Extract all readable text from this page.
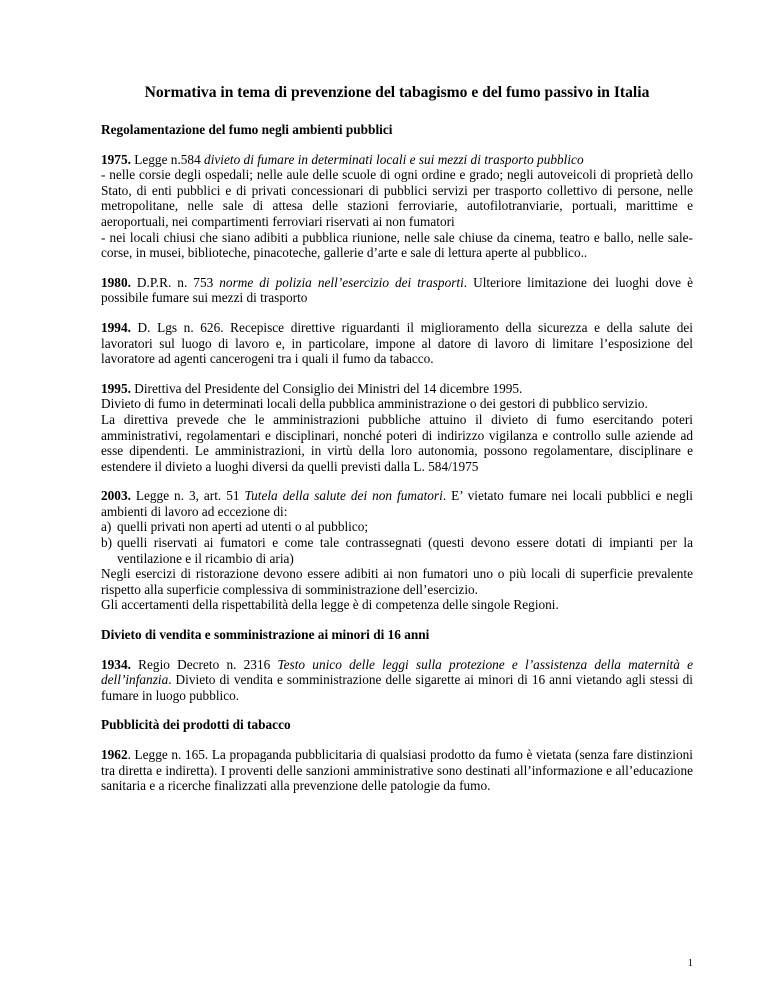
Normativa in tema di prevenzione del tabagismo e del fumo passivo in Italia
Regolamentazione del fumo negli ambienti pubblici

1975. Legge n.584 divieto di fumare in determinati locali e sui mezzi di trasporto pubblico
- nelle corsie degli ospedali; nelle aule delle scuole di ogni ordine e grado; negli autoveicoli di proprietà dello Stato, di enti pubblici e di privati concessionari di pubblici servizi per trasporto collettivo di persone, nelle metropolitane, nelle sale di attesa delle stazioni ferroviarie, autofilotranviarie, portuali, marittime e aeroportuali, nei compartimenti ferroviari riservati ai non fumatori
- nei locali chiusi che siano adibiti a pubblica riunione, nelle sale chiuse da cinema, teatro e ballo, nelle sale-corse, in musei, biblioteche, pinacoteche, gallerie d’arte e sale di lettura aperte al pubblico..

1980. D.P.R. n. 753 norme di polizia nell’esercizio dei trasporti. Ulteriore limitazione dei luoghi dove è possibile fumare sui mezzi di trasporto

1994. D. Lgs n. 626. Recepisce direttive riguardanti il miglioramento della sicurezza e della salute dei lavoratori sul luogo di lavoro e, in particolare, impone al datore di lavoro di limitare l’esposizione del lavoratore ad agenti cancerogeni tra i quali il fumo da tabacco.

1995. Direttiva del Presidente del Consiglio dei Ministri del 14 dicembre 1995.
Divieto di fumo in determinati locali della pubblica amministrazione o dei gestori di pubblico servizio.
La direttiva prevede che le amministrazioni pubbliche attuino il divieto di fumo esercitando poteri amministrativi, regolamentari e disciplinari, nonché poteri di indirizzo vigilanza e controllo sulle aziende ad esse dipendenti. Le amministrazioni, in virtù della loro autonomia, possono regolamentare, disciplinare e estendere il divieto a luoghi diversi da quelli previsti dalla L. 584/1975

2003. Legge n. 3, art. 51 Tutela della salute dei non fumatori. E’ vietato fumare nei locali pubblici e negli ambienti di lavoro ad eccezione di:
a) quelli privati non aperti ad utenti o al pubblico;
b) quelli riservati ai fumatori e come tale contrassegnati (questi devono essere dotati di impianti per la ventilazione e il ricambio di aria)
Negli esercizi di ristorazione devono essere adibiti ai non fumatori uno o più locali di superficie prevalente rispetto alla superficie complessiva di somministrazione dell’esercizio.
Gli accertamenti della rispettabilità della legge è di competenza delle singole Regioni.

Divieto di vendita e somministrazione ai minori di 16 anni

1934. Regio Decreto n. 2316 Testo unico delle leggi sulla protezione e l’assistenza della maternità e dell’infanzia. Divieto di vendita e somministrazione delle sigarette ai minori di 16 anni vietando agli stessi di fumare in luogo pubblico.

Pubblicità dei prodotti di tabacco

1962. Legge n. 165. La propaganda pubblicitaria di qualsiasi prodotto da fumo è vietata (senza fare distinzioni tra diretta e indiretta). I proventi delle sanzioni amministrative sono destinati all’informazione e all’educazione sanitaria e a ricerche finalizzati alla prevenzione delle patologie da fumo.

1
